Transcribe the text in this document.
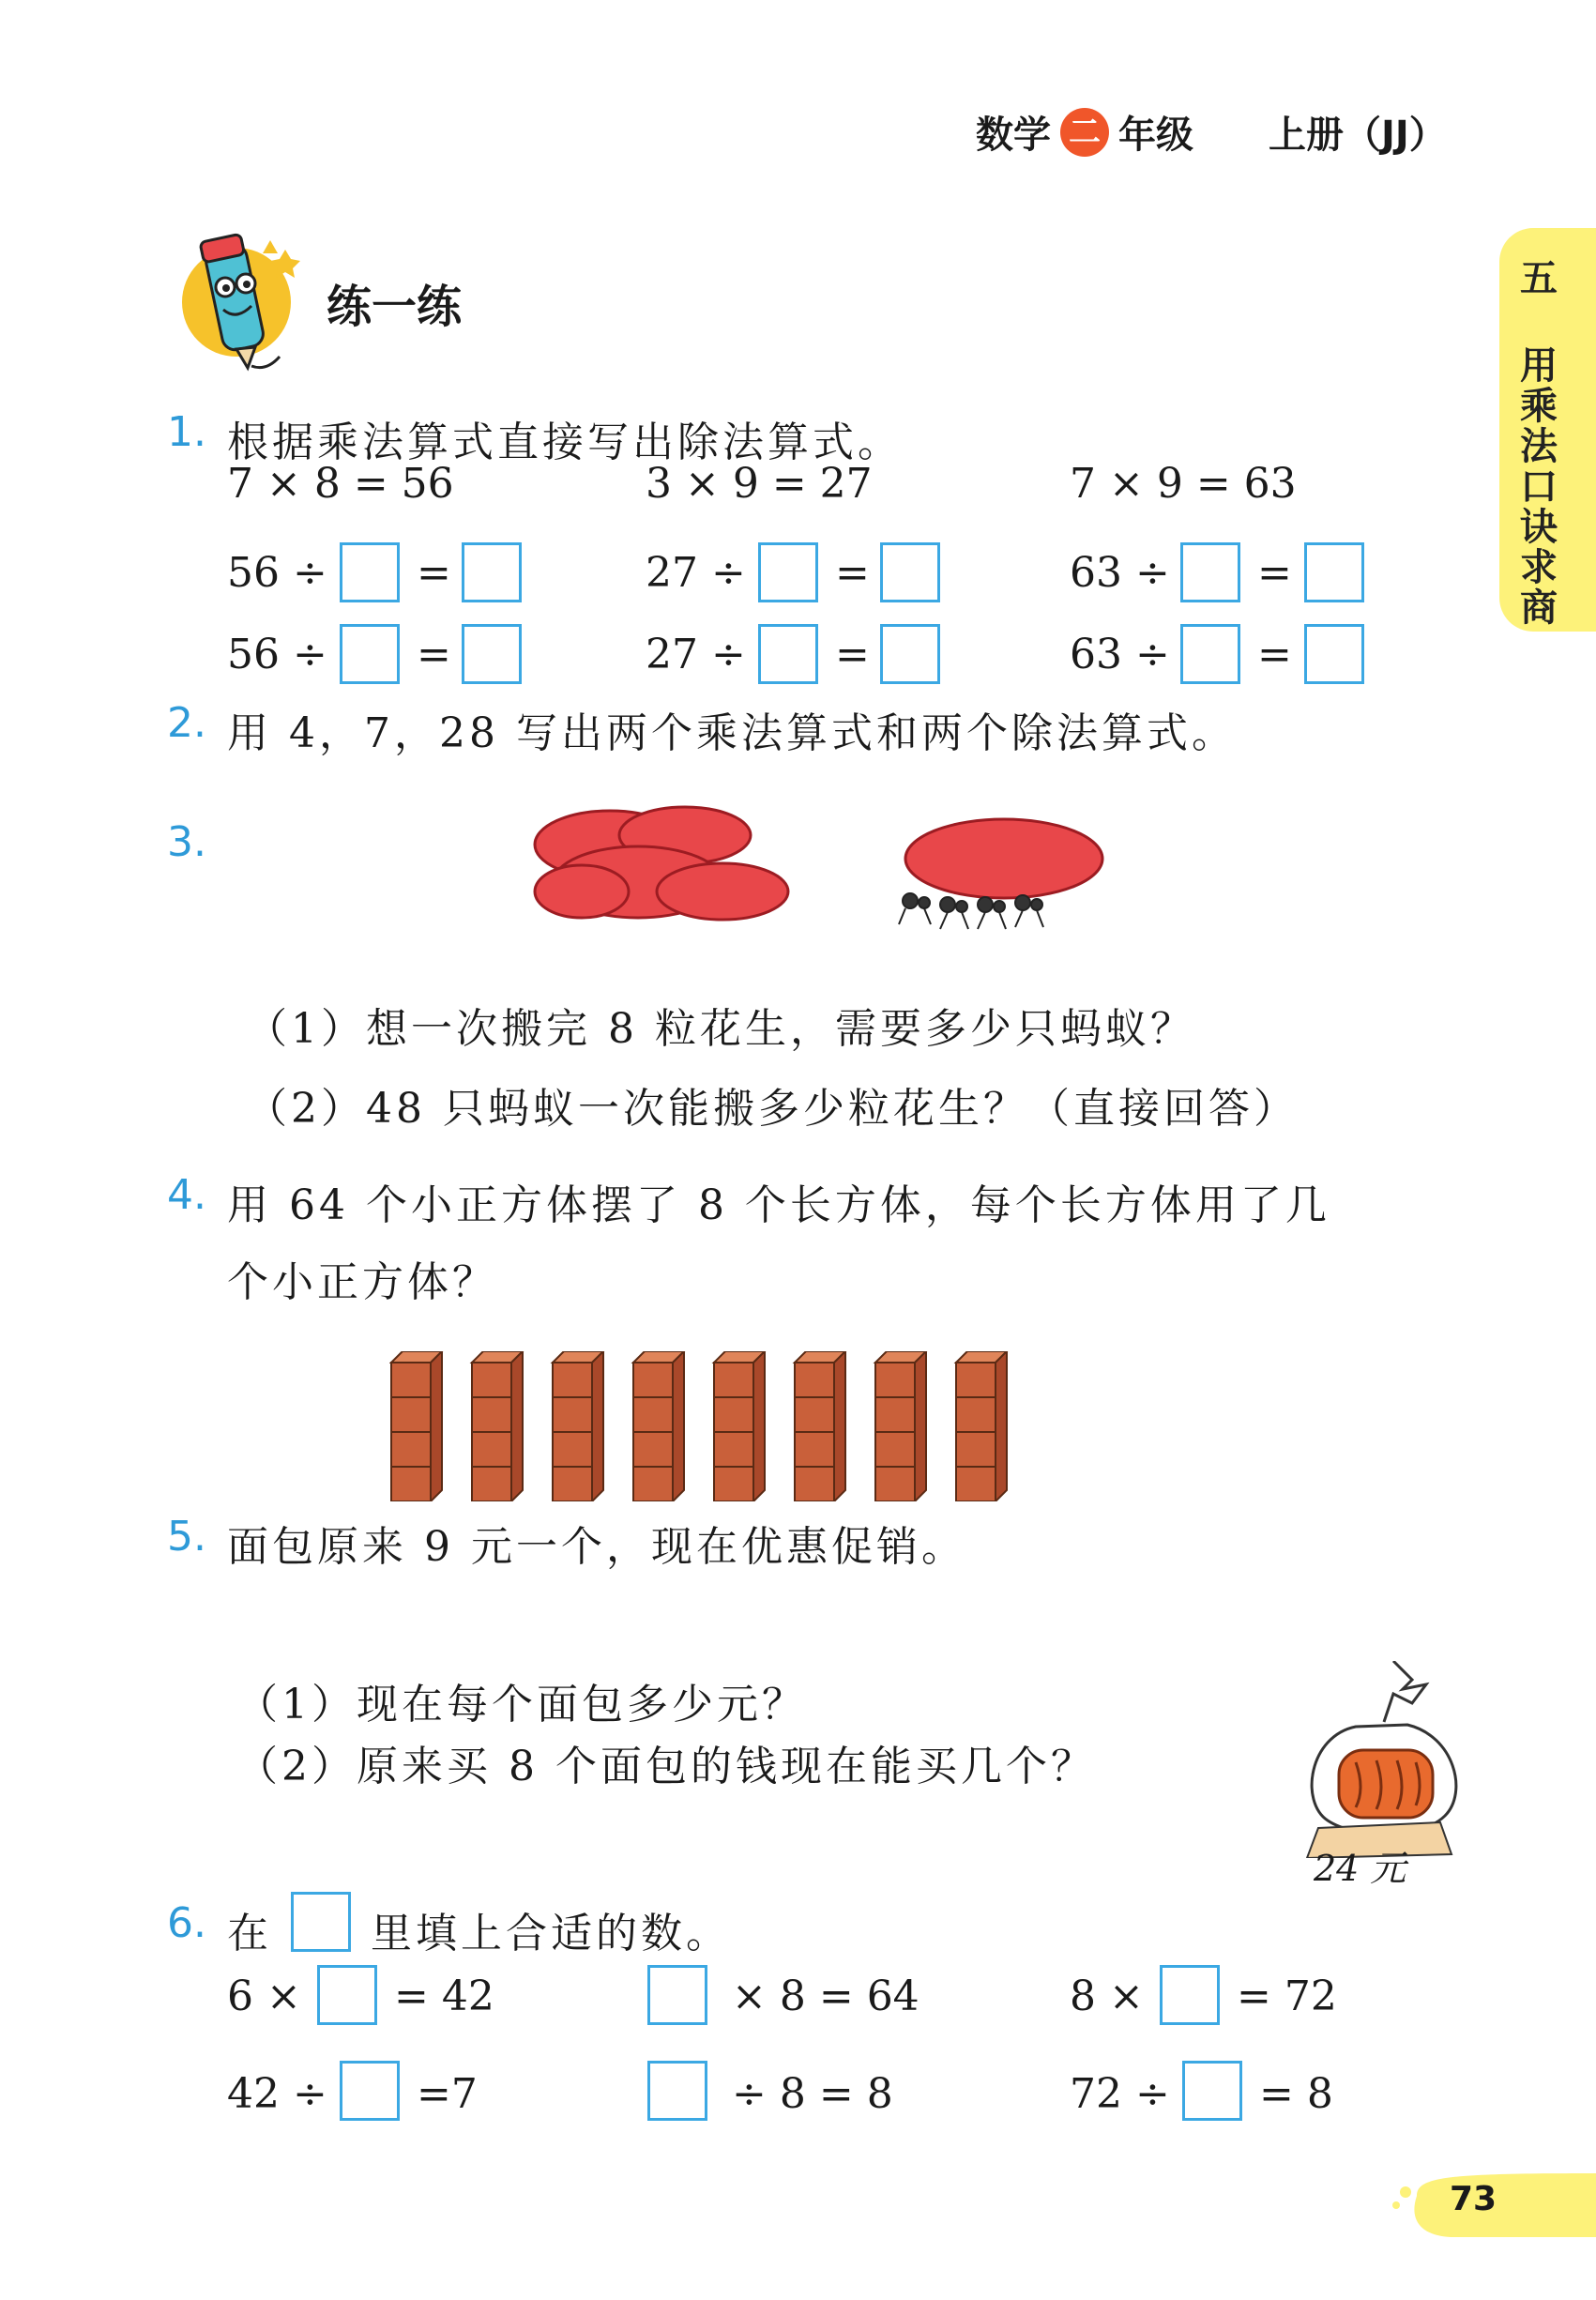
数学 二 年级 上册（JJ）
五
用
乘
法
口
诀
求
商
练一练
1. 根据乘法算式直接写出除法算式。
7 × 8 = 56	3 × 9 = 27	7 × 9 = 63
56 ÷ =	27 ÷ =	63 ÷ =
56 ÷ =	27 ÷ =	63 ÷ =
2. 用 4，7，28 写出两个乘法算式和两个除法算式。
3.
（1）想一次搬完 8 粒花生，需要多少只蚂蚁？
（2）48 只蚂蚁一次能搬多少粒花生？（直接回答）
4. 用 64 个小正方体摆了 8 个长方体，每个长方体用了几
个小正方体？
5. 面包原来 9 元一个，现在优惠促销。
（1）现在每个面包多少元？
（2）原来买 8 个面包的钱现在能买几个？
24 元
6. 在 里填上合适的数。
6 × = 42	× 8 = 64	8 × = 72
42 ÷ =7	÷ 8 = 8	72 ÷ = 8
73
